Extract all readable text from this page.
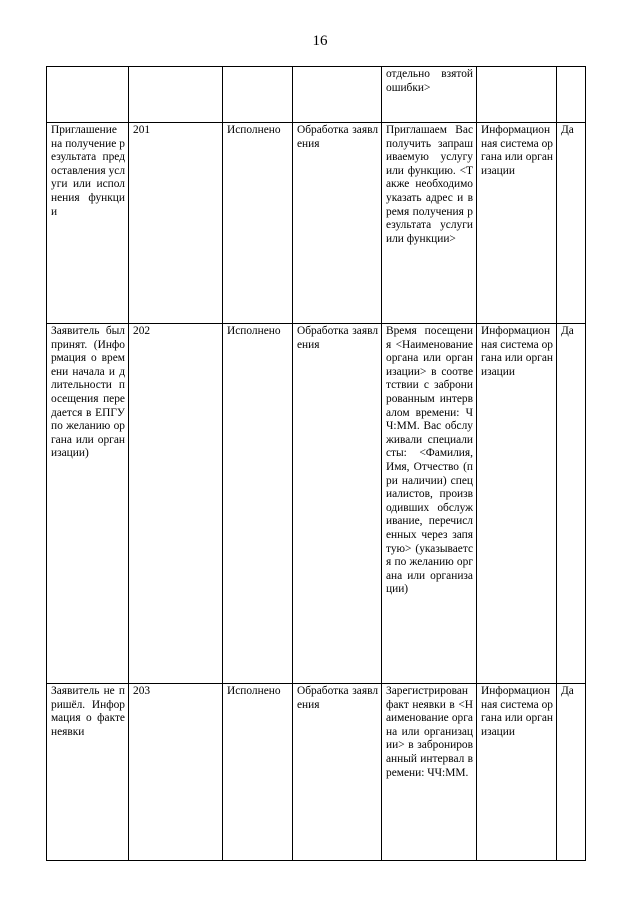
16
				отдельно взятой ошибки>		
Приглашение на получение результата предоставления услуги или исполнения функции	201	Исполнено	Обработка заявления	Приглашаем Вас получить запрашиваемую услугу или функцию. <Также необходимо указать адрес и время получения результата услуги или функции>	Информационная система органа или организации	Да
Заявитель был принят. (Информация о времени начала и длительности посещения передается в ЕПГУ по желанию органа или организации)	202	Исполнено	Обработка заявления	Время посещения <Наименование органа или организации> в соответствии с забронированным интервалом времени: ЧЧ:ММ. Вас обслуживали специалисты: <Фамилия, Имя, Отчество (при наличии) специалистов, производивших обслуживание, перечисленных через запятую> (указывается по желанию органа или организации)	Информационная система органа или организации	Да
Заявитель не пришёл. Информация о факте неявки	203	Исполнено	Обработка заявления	Зарегистрирован факт неявки в <Наименование органа или организации> в забронированный интервал времени: ЧЧ:ММ.	Информационная система органа или организации	Да
